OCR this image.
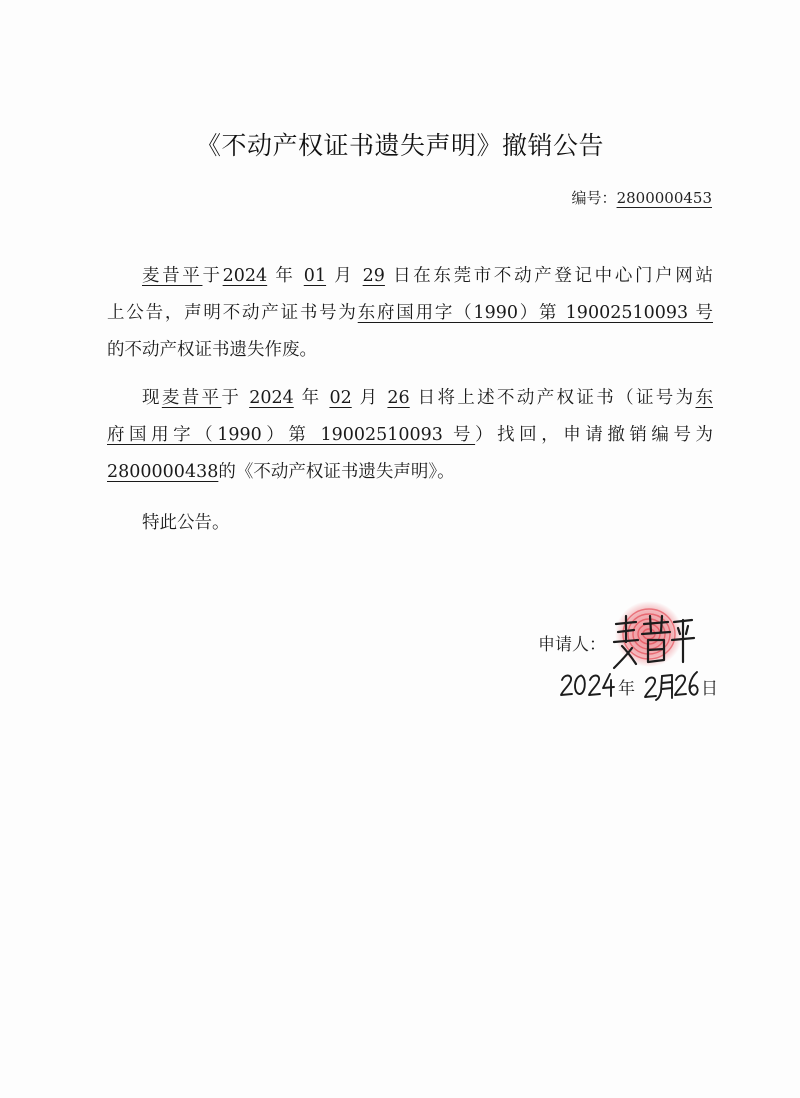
《不动产权证书遗失声明》撤销公告
编号：2800000453
麦昔平于2024 年 01 月 29 日在东莞市不动产登记中心门户网站
上公告，声明不动产证书号为东府国用字（1990）第 19002510093 号
的不动产权证书遗失作废。
现麦昔平于 2024 年 02 月 26 日将上述不动产权证书（证号为东
府国用字（1990）第 19002510093 号）找回，申请撤销编号为
2800000438的《不动产权证书遗失声明》。
特此公告。
申请人：
年	日
